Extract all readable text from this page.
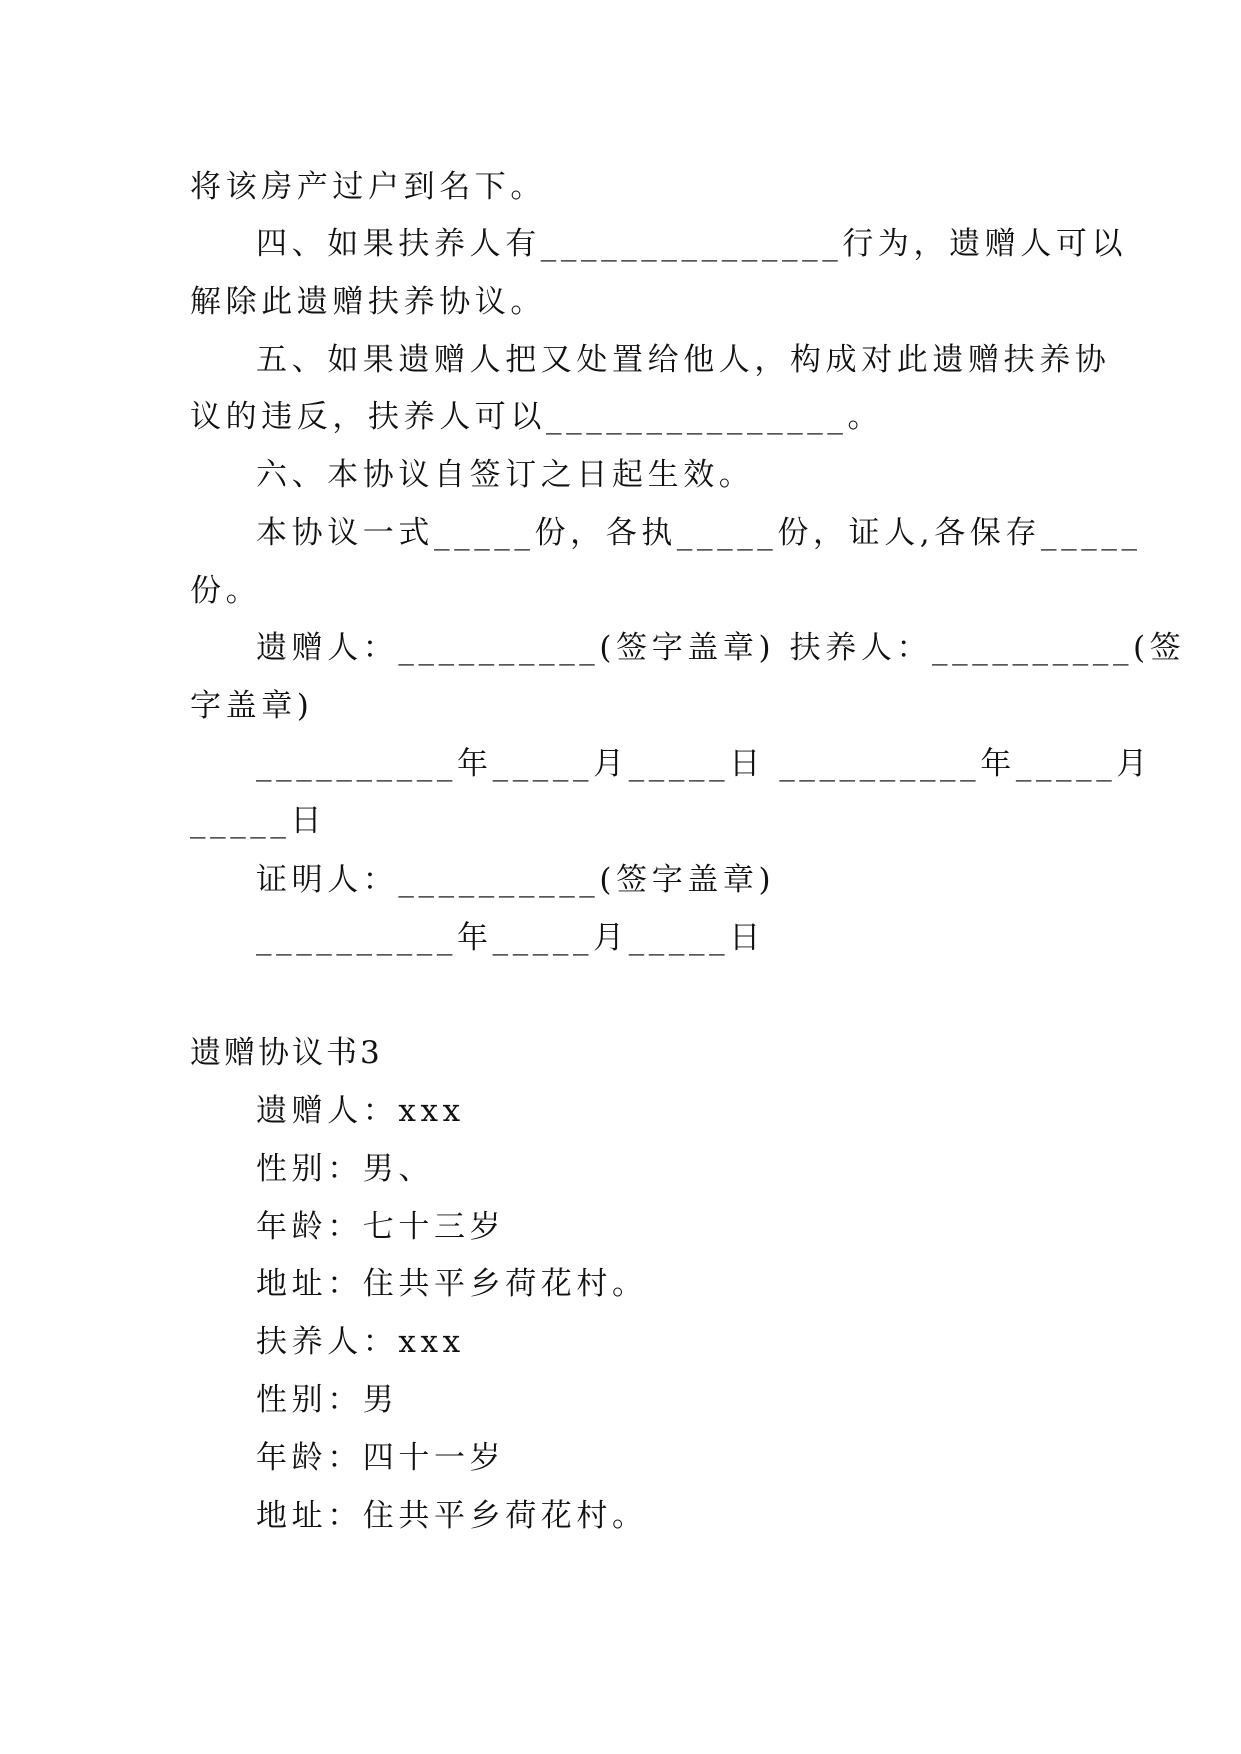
将该房产过户到名下。
四、如果扶养人有_______________行为，遗赠人可以
解除此遗赠扶养协议。
五、如果遗赠人把又处置给他人，构成对此遗赠扶养协
议的违反，扶养人可以_______________。
六、本协议自签订之日起生效。
本协议一式_____份，各执_____份，证人,各保存_____
份。
遗赠人：__________(签字盖章) 扶养人：__________(签
字盖章)
__________年_____月_____日 __________年_____月
_____日
证明人：__________(签字盖章)
__________年_____月_____日
遗赠协议书3
遗赠人：xxx
性别：男、
年龄：七十三岁
地址：住共平乡荷花村。
扶养人：xxx
性别：男
年龄：四十一岁
地址：住共平乡荷花村。
